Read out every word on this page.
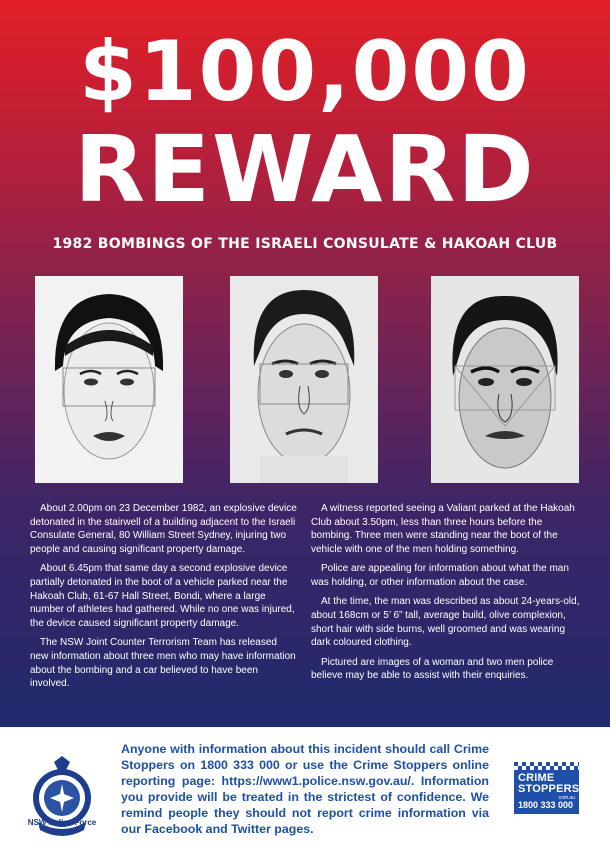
$100,000
REWARD
1982 BOMBINGS OF THE ISRAELI CONSULATE & HAKOAH CLUB

About 2.00pm on 23 December 1982, an explosive device detonated in the stairwell of a building adjacent to the Israeli Consulate General, 80 William Street Sydney, injuring two people and causing significant property damage.

About 6.45pm that same day a second explosive device partially detonated in the boot of a vehicle parked near the Hakoah Club, 61-67 Hall Street, Bondi, where a large number of athletes had gathered. While no one was injured, the device caused significant property damage.

The NSW Joint Counter Terrorism Team has released new information about three men who may have information about the bombing and a car believed to have been involved.

A witness reported seeing a Valiant parked at the Hakoah Club about 3.50pm, less than three hours before the bombing. Three men were standing near the boot of the vehicle with one of the men holding something.

Police are appealing for information about what the man was holding, or other information about the case.

At the time, the man was described as about 24-years-old, about 168cm or 5’ 6” tall, average build, olive complexion, short hair with side burns, well groomed and was wearing dark coloured clothing.

Pictured are images of a woman and two men police believe may be able to assist with their enquiries.

NSW Police Force
Anyone with information about this incident should call Crime Stoppers on 1800 333 000 or use the Crime Stoppers online reporting page: https://www1.police.nsw.gov.au/. Information you provide will be treated in the strictest of confidence. We remind people they should not report crime information via our Facebook and Twitter pages.
CRIME
STOPPERS
com.au
1800 333 000
